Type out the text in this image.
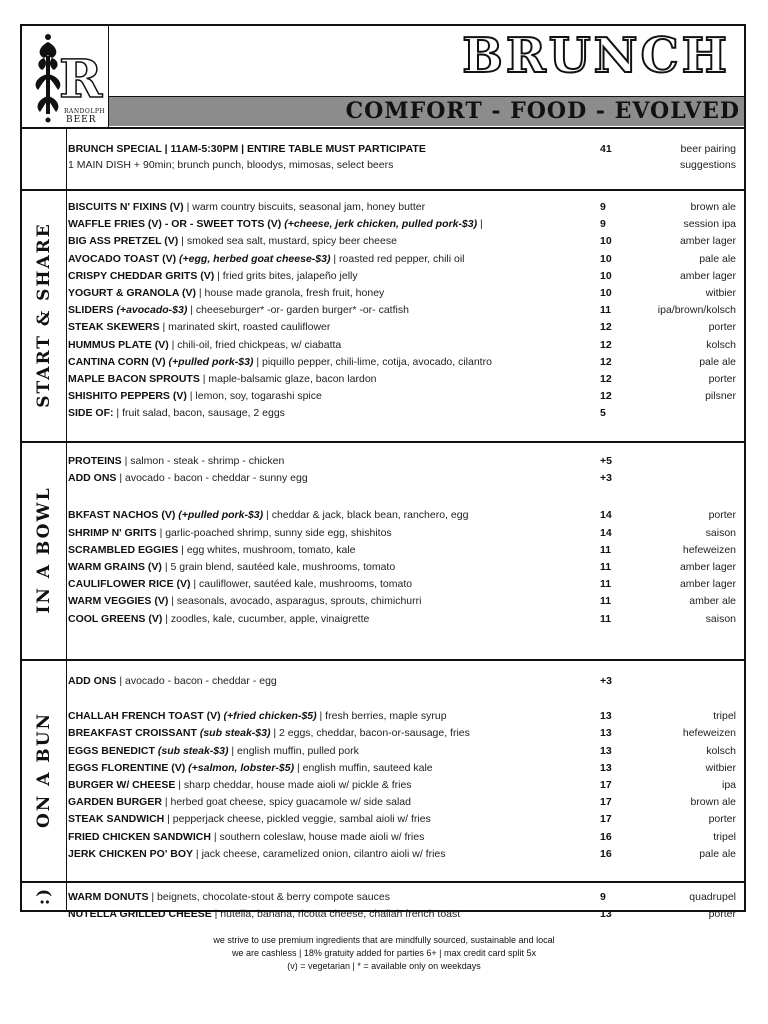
R
RANDOLPH
BEER
BRUNCH
COMFORT - FOOD - EVOLVED
BRUNCH SPECIAL | 11AM-5:30PM | ENTIRE TABLE MUST PARTICIPATE	41	beer pairing
1 MAIN DISH + 90min; brunch punch, bloodys, mimosas, select beers	suggestions
START & SHARE
BISCUITS N' FIXINS (V) | warm country biscuits, seasonal jam, honey butter	9	brown ale
WAFFLE FRIES (V) - OR - SWEET TOTS (V) (+cheese, jerk chicken, pulled pork-$3) |	9	session ipa
BIG ASS PRETZEL (V) | smoked sea salt, mustard, spicy beer cheese	10	amber lager
AVOCADO TOAST (V) (+egg, herbed goat cheese-$3) | roasted red pepper, chili oil	10	pale ale
CRISPY CHEDDAR GRITS (V) | fried grits bites, jalapeño jelly	10	amber lager
YOGURT & GRANOLA (V) | house made granola, fresh fruit, honey	10	witbier
SLIDERS (+avocado-$3) | cheeseburger* -or- garden burger* -or- catfish	11	ipa/brown/kolsch
STEAK SKEWERS | marinated skirt, roasted cauliflower	12	porter
HUMMUS PLATE (V) | chili-oil, fried chickpeas, w/ ciabatta	12	kolsch
CANTINA CORN (V) (+pulled pork-$3) | piquillo pepper, chili-lime, cotija, avocado, cilantro	12	pale ale
MAPLE BACON SPROUTS | maple-balsamic glaze, bacon lardon	12	porter
SHISHITO PEPPERS (V) | lemon, soy, togarashi spice	12	pilsner
SIDE OF: | fruit salad, bacon, sausage, 2 eggs	5
IN A BOWL
PROTEINS | salmon - steak - shrimp - chicken	+5
ADD ONS | avocado - bacon - cheddar - sunny egg	+3
BKFAST NACHOS (V) (+pulled pork-$3) | cheddar & jack, black bean, ranchero, egg	14	porter
SHRIMP N' GRITS | garlic-poached shrimp, sunny side egg, shishitos	14	saison
SCRAMBLED EGGIES | egg whites, mushroom, tomato, kale	11	hefeweizen
WARM GRAINS (V) | 5 grain blend, sautéed kale, mushrooms, tomato	11	amber lager
CAULIFLOWER RICE (V) | cauliflower, sautéed kale, mushrooms, tomato	11	amber lager
WARM VEGGIES (V) | seasonals, avocado, asparagus, sprouts, chimichurri	11	amber ale
COOL GREENS (V) | zoodles, kale, cucumber, apple, vinaigrette	11	saison
ON A BUN
ADD ONS | avocado - bacon - cheddar - egg	+3
CHALLAH FRENCH TOAST (V) (+fried chicken-$5) | fresh berries, maple syrup	13	tripel
BREAKFAST CROISSANT (sub steak-$3) | 2 eggs, cheddar, bacon-or-sausage, fries	13	hefeweizen
EGGS BENEDICT (sub steak-$3) | english muffin, pulled pork	13	kolsch
EGGS FLORENTINE (V) (+salmon, lobster-$5) | english muffin, sauteed kale	13	witbier
BURGER W/ CHEESE | sharp cheddar, house made aioli w/ pickle & fries	17	ipa
GARDEN BURGER | herbed goat cheese, spicy guacamole w/ side salad	17	brown ale
STEAK SANDWICH | pepperjack cheese, pickled veggie, sambal aioli w/ fries	17	porter
FRIED CHICKEN SANDWICH | southern coleslaw, house made aioli w/ fries	16	tripel
JERK CHICKEN PO' BOY | jack cheese, caramelized onion, cilantro aioli w/ fries	16	pale ale
:) WARM DONUTS | beignets, chocolate-stout & berry compote sauces	9	quadrupel
NUTELLA GRILLED CHEESE | nutella, banana, ricotta cheese, challah french toast	13	porter
we strive to use premium ingredients that are mindfully sourced, sustainable and local
we are cashless | 18% gratuity added for parties 6+ | max credit card split 5x
(v) = vegetarian | * = available only on weekdays
